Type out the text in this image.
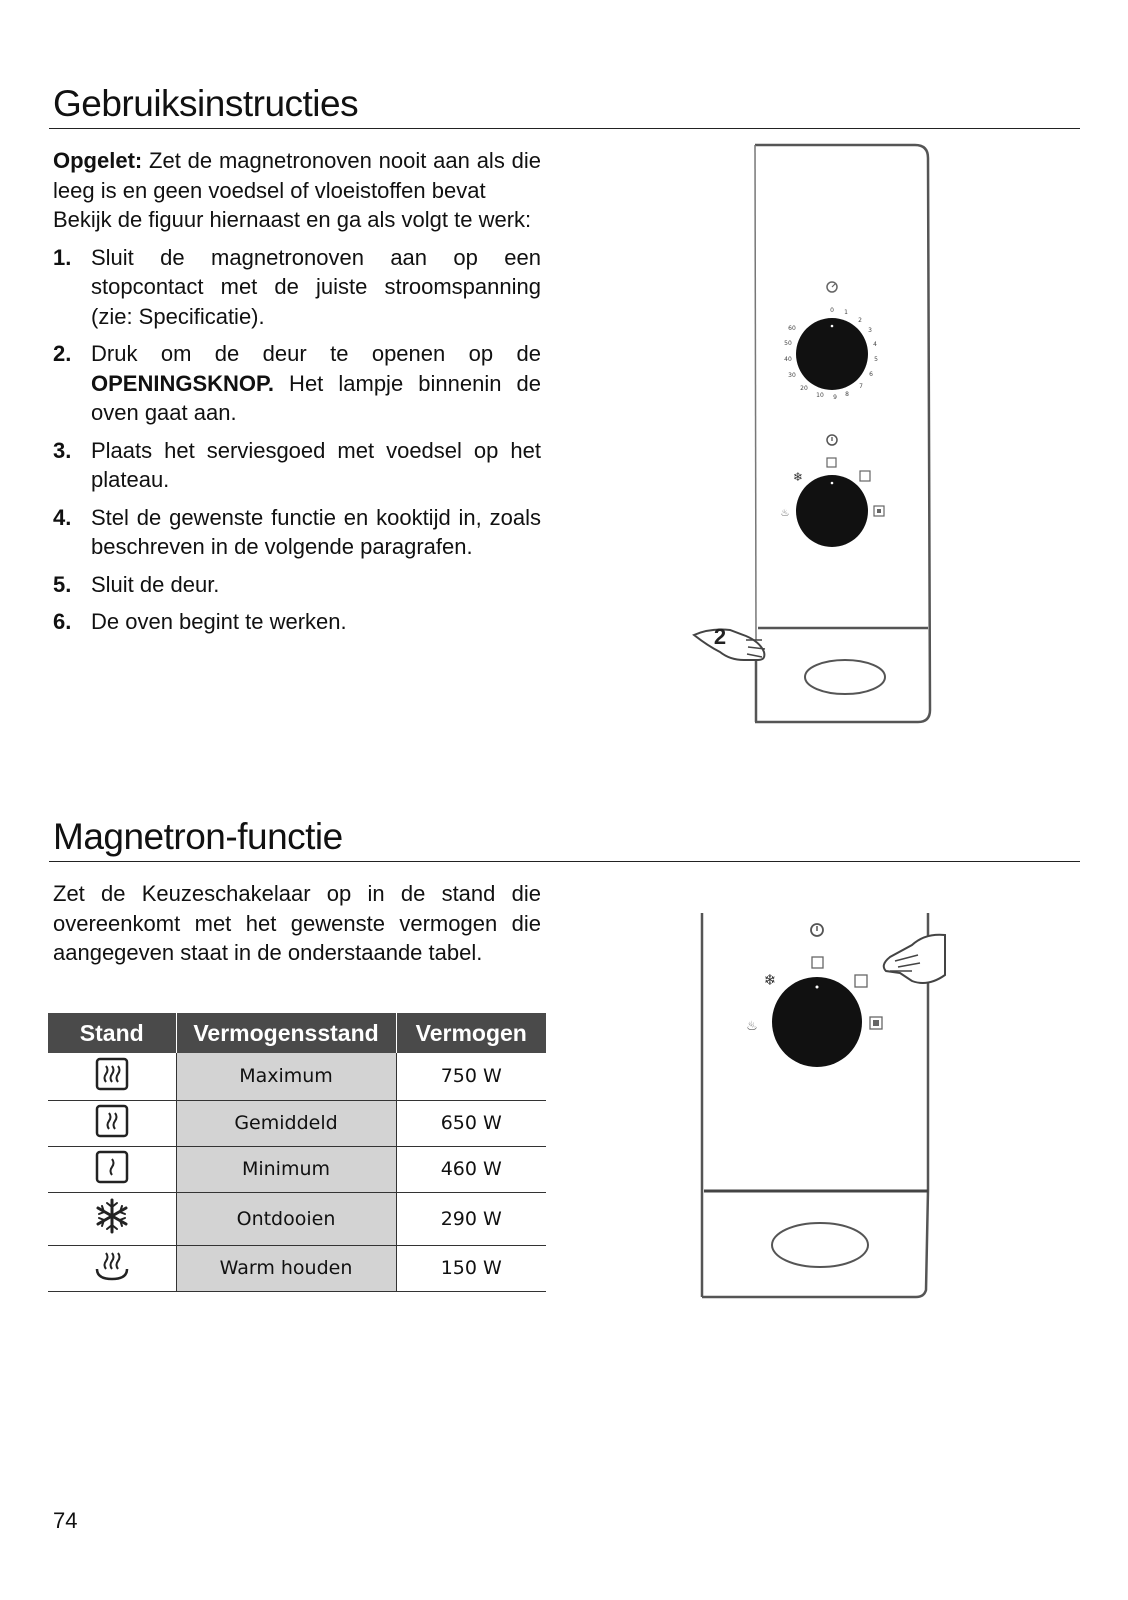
Gebruiksinstructies

Opgelet: Zet de magnetronoven nooit aan als die leeg is en geen voedsel of vloeistoffen bevat

Bekijk de figuur hiernaast en ga als volgt te werk:

1. Sluit de magnetronoven aan op een stopcontact met de juiste stroomspanning (zie: Specificatie).
2. Druk om de deur te openen op de OPENINGSKNOP. Het lampje binnenin de oven gaat aan.
3. Plaats het serviesgoed met voedsel op het plateau.
4. Stel de gewenste functie en kooktijd in, zoals beschreven in de volgende paragrafen.
5. Sluit de deur.
6. De oven begint te werken.
0 1
2
3
4
5
6
7
8
9
10
20
30
40
50
60
❄
♨
2
Magnetron-functie

Zet de Keuzeschakelaar op in de stand die overeenkomt met het gewenste vermogen die aangegeven staat in de onderstaande tabel.

Stand	Vermogensstand	Vermogen
	Maximum	750 W
	Gemiddeld	650 W
	Minimum	460 W
	Ontdooien	290 W
	Warm houden	150 W
❄
♨
74
